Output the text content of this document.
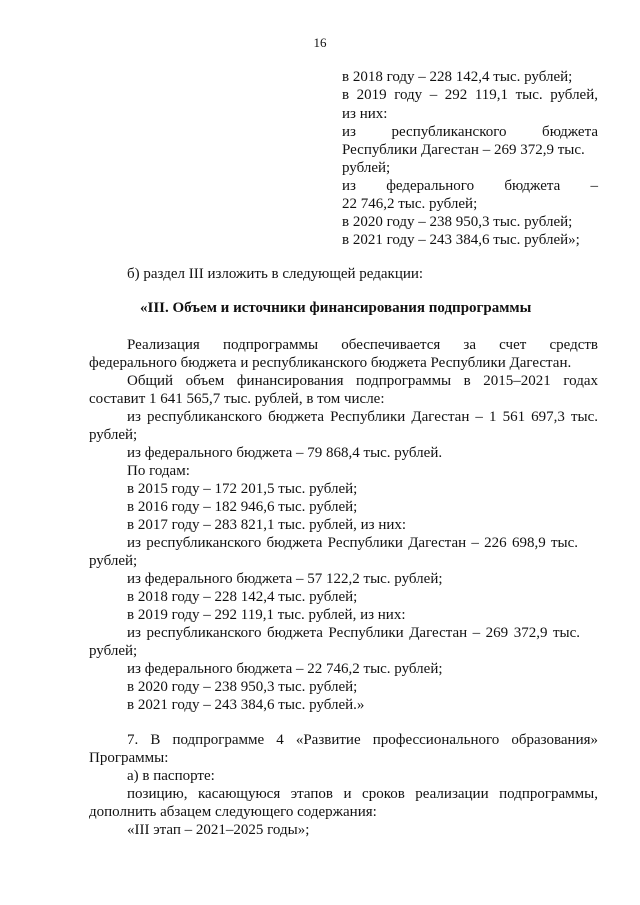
16
в 2018 году – 228 142,4 тыс. рублей;
в 2019 году – 292 119,1 тыс. рублей,
из них:
из республиканского бюджета
Республики Дагестан – 269 372,9 тыс.
рублей;
из федерального бюджета –
22 746,2 тыс. рублей;
в 2020 году – 238 950,3 тыс. рублей;
в 2021 году – 243 384,6 тыс. рублей»;
б) раздел III изложить в следующей редакции:
«III. Объем и источники финансирования подпрограммы
Реализация подпрограммы обеспечивается за счет средств
федерального бюджета и республиканского бюджета Республики Дагестан.
Общий объем финансирования подпрограммы в 2015–2021 годах
составит 1 641 565,7 тыс. рублей, в том числе:
из республиканского бюджета Республики Дагестан – 1 561 697,3 тыс.
рублей;
из федерального бюджета – 79 868,4 тыс. рублей.
По годам:
в 2015 году – 172 201,5 тыс. рублей;
в 2016 году – 182 946,6 тыс. рублей;
в 2017 году – 283 821,1 тыс. рублей, из них:
из республиканского бюджета Республики Дагестан – 226 698,9 тыс.
рублей;
из федерального бюджета – 57 122,2 тыс. рублей;
в 2018 году – 228 142,4 тыс. рублей;
в 2019 году – 292 119,1 тыс. рублей, из них:
из республиканского бюджета Республики Дагестан – 269 372,9 тыс.
рублей;
из федерального бюджета – 22 746,2 тыс. рублей;
в 2020 году – 238 950,3 тыс. рублей;
в 2021 году – 243 384,6 тыс. рублей.»
7. В подпрограмме 4 «Развитие профессионального образования»
Программы:
а) в паспорте:
позицию, касающуюся этапов и сроков реализации подпрограммы,
дополнить абзацем следующего содержания:
«III этап – 2021–2025 годы»;
